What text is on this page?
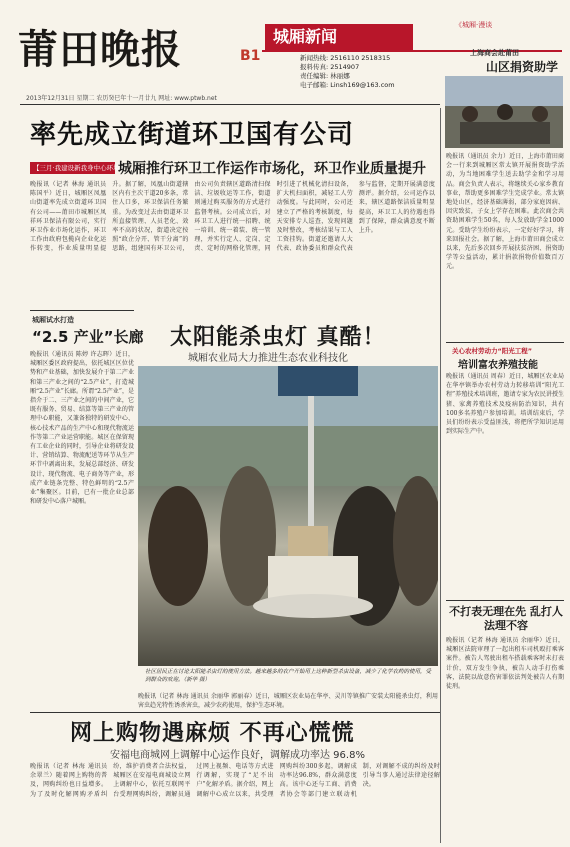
莆田晚报	B1
城厢新闻
《城厢·漫谈
新闻热线: 2516110 2518315
报料传真: 2514907
责任编辑: 林丽娜
电子邮箱: Linsh169@163.com
2013年12月31日 星期二 农历癸巳年十一月廿九 网址: www.ptwb.net
率先成立街道环卫国有公司
【三月·我建设新我身中心环境】
城厢推行环卫工作运作市场化，环卫作业质量提升
晚报讯（记者 林海 通讯员 陈国平）近日，城厢区凤凰山街道率先成立街道环卫国有公司——莆田市城厢区凤祥环卫保洁有限公司，实行环卫作业市场化运作，环卫工作由政府包揽向企业化运作转变，作业质量明显提升。据了解，凤凰山街道辖区内有主次干道20多条，常住人口多，环卫保洁任务繁重。为改变过去由街道环卫所直接管理、人员老化、效率不高的状况，街道决定按照“政企分开、管干分离”的思路，组建国有环卫公司，由公司负责辖区道路清扫保洁、垃圾收运等工作，街道则通过购买服务的方式进行监督考核。公司成立后，对环卫工人进行统一招聘、统一培训、统一着装、统一管理，并实行定人、定岗、定责、定时的网格化管理，同时引进了机械化清扫设备，扩大机扫面积，减轻工人劳动强度。与此同时，公司还建立了严格的考核制度，每天安排专人巡查，发现问题及时整改，考核结果与工人工资挂钩。街道还邀请人大代表、政协委员和群众代表参与监督，定期开展满意度测评。据介绍，公司运作以来，辖区道路保洁质量明显提高，环卫工人的待遇也得到了保障，群众满意度不断上升。
城厢试水打造
“2.5 产业”长廊
晚报讯（通讯员 陈婷 许志晖）近日，城厢区委区政府提出，依托城区区位优势和产业基础，加快发展介于第二产业和第三产业之间的“2.5产业”，打造城厢“2.5产业”长廊。所谓“2.5产业”，是指介于二、三产业之间的中间产业，它既有服务、贸易、结算等第三产业的管理中心职能，又兼备独特的研发中心、核心技术产品的生产中心和现代物流运作等第二产业运营职能。城区在保留现有工业企业的同时，引导企业将研发设计、营销结算、物流配送等环节从生产环节中剥离出来，发展总部经济、研发设计、现代物流、电子商务等产业，形成产业链条完整、特色鲜明的“2.5产业”集聚区。目前，已有一批企业总部和研发中心落户城厢。
太阳能杀虫灯 真酷！
城厢农业局大力推进生态农业科技化
社区居民正在讨论太阳能杀虫灯的使用方法。越来越多的农户开始用上这种新型杀虫设备，减少了化学农药的使用，受到群众的欢迎。（新华 摄）
晚报讯（记者 林海 通讯员 余丽华 郭丽春）近日，城厢区农业局在华亭、灵川等镇推广安装太阳能杀虫灯，利用害虫趋光特性诱杀害虫，减少农药使用，保护生态环境。
网上购物遇麻烦 不再心慌慌
安福电商城网上调解中心运作良好，调解成功率达 96.8%
晚报讯（记者 林海 通讯员 余翠兰）随着网上购物的普及，网购纠纷也日益增多。为了及时化解网购矛盾纠纷，维护消费者合法权益，城厢区在安福电商城设立网上调解中心，依托互联网平台受理网购纠纷，调解员通过网上视频、电话等方式进行调解，实现了“足不出户”化解矛盾。据介绍，网上调解中心成立以来，共受理网购纠纷300多起，调解成功率达96.8%，群众满意度高。该中心还与工商、消费者协会等部门建立联动机制，对调解不成的纠纷及时引导当事人通过法律途径解决。
上海商会赴莆田
山区捐资助学
晚报讯（通讯员 余力）近日，上海市莆田商会一行来到城厢区常太镇开展捐资助学活动，为当地困难学生送去助学金和学习用品。商会负责人表示，将继续关心家乡教育事业，帮助更多困难学生完成学业。常太镇地处山区，经济基础薄弱，部分家庭因病、因灾致贫，子女上学存在困难。此次商会共资助困难学生50名，每人发放助学金1000元。受助学生纷纷表示，一定好好学习，将来回报社会。据了解，上海市莆田商会成立以来，先后多次回乡开展扶贫济困、捐资助学等公益活动，累计捐款捐物价值数百万元。
关心农村劳动力“阳光工程”
培训富农养殖技能
晚报讯（通讯员 周春）近日，城厢区农业局在华亭镇举办农村劳动力转移培训“阳光工程”养殖技术培训班，邀请专家为农民讲授生猪、家禽养殖技术及疫病防治知识，共有100多名养殖户参加培训。培训结束后，学员们纷纷表示受益匪浅，将把所学知识运用到实际生产中。
不打表无理在先 乱打人法理不容
晚报讯（记者 林海 通讯员 余丽华）近日，城厢区法院审理了一起出租车司机殴打乘客案件。被告人驾驶出租车搭载乘客时未打表计价，双方发生争执，被告人动手打伤乘客，法院以故意伤害罪依法判处被告人有期徒刑。
